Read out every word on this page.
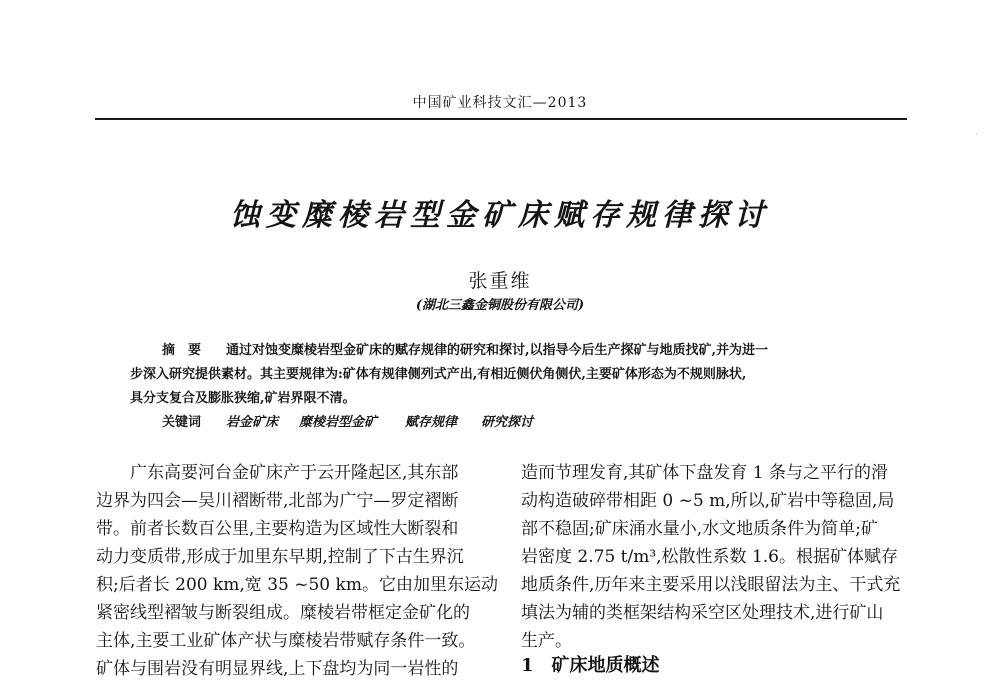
中国矿业科技文汇—2013
·
蚀变糜棱岩型金矿床赋存规律探讨
张重维
(湖北三鑫金铜股份有限公司)
摘　要 通过对蚀变糜棱岩型金矿床的赋存规律的研究和探讨,以指导今后生产探矿与地质找矿,并为进一
步深入研究提供素材。其主要规律为:矿体有规律侧列式产出,有相近侧伏角侧伏,主要矿体形态为不规则脉状,
具分支复合及膨胀狭缩,矿岩界限不清。
关键词 岩金矿床 糜棱岩型金矿 赋存规律 研究探讨
广东高要河台金矿床产于云开隆起区,其东部
边界为四会—吴川褶断带,北部为广宁—罗定褶断
带。前者长数百公里,主要构造为区域性大断裂和
动力变质带,形成于加里东早期,控制了下古生界沉
积;后者长 200 km,宽 35 ~50 km。它由加里东运动
紧密线型褶皱与断裂组成。糜棱岩带框定金矿化的
主体,主要工业矿体产状与糜棱岩带赋存条件一致。
矿体与围岩没有明显界线,上下盘均为同一岩性的
造而节理发育,其矿体下盘发育 1 条与之平行的滑
动构造破碎带相距 0 ~5 m,所以,矿岩中等稳固,局
部不稳固;矿床涌水量小,水文地质条件为简单;矿
岩密度 2.75 t/m³,松散性系数 1.6。根据矿体赋存
地质条件,历年来主要采用以浅眼留法为主、干式充
填法为辅的类框架结构采空区处理技术,进行矿山
生产。
1　矿床地质概述
